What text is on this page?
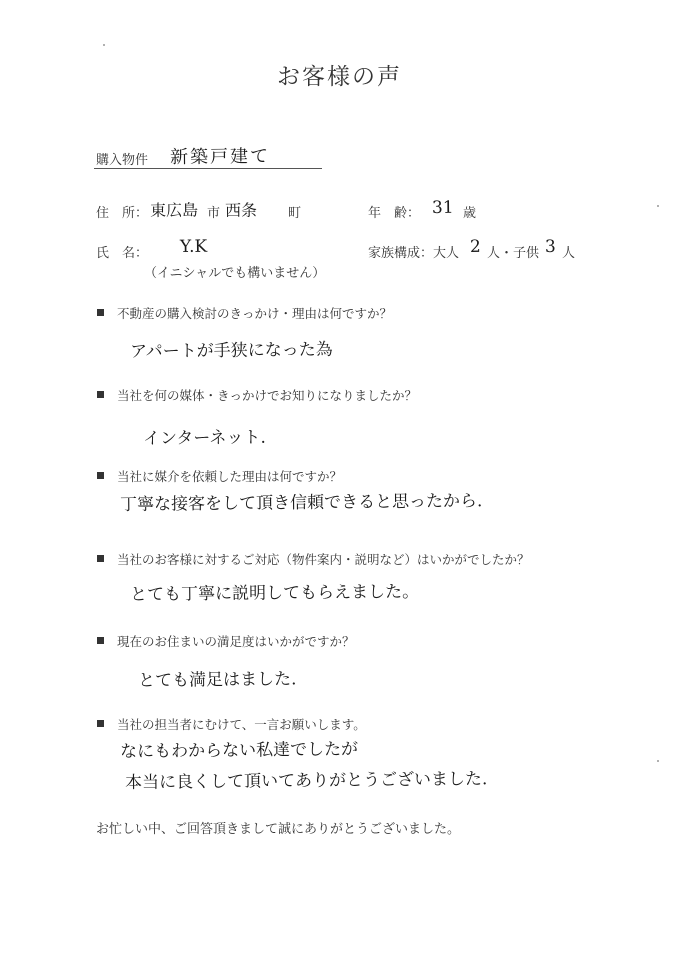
お客様の声
購入物件 新築戸建て
住　所： 東広島 市 西条 町	年　齢： 31 歳
氏　名： Y.K
（イニシャルでも構いません）
家族構成：大人 2 人・子供 3 人
不動産の購入検討のきっかけ・理由は何ですか？
アパートが手狭になった為
当社を何の媒体・きっかけでお知りになりましたか？
インターネット.
当社に媒介を依頼した理由は何ですか？
丁寧な接客をして頂き信頼できると思ったから.
当社のお客様に対するご対応（物件案内・説明など）はいかがでしたか？
とても丁寧に説明してもらえました。
現在のお住まいの満足度はいかがですか？
とても満足はました.
当社の担当者にむけて、一言お願いします。
なにもわからない私達でしたが
本当に良くして頂いてありがとうございました.
お忙しい中、ご回答頂きまして誠にありがとうございました。
